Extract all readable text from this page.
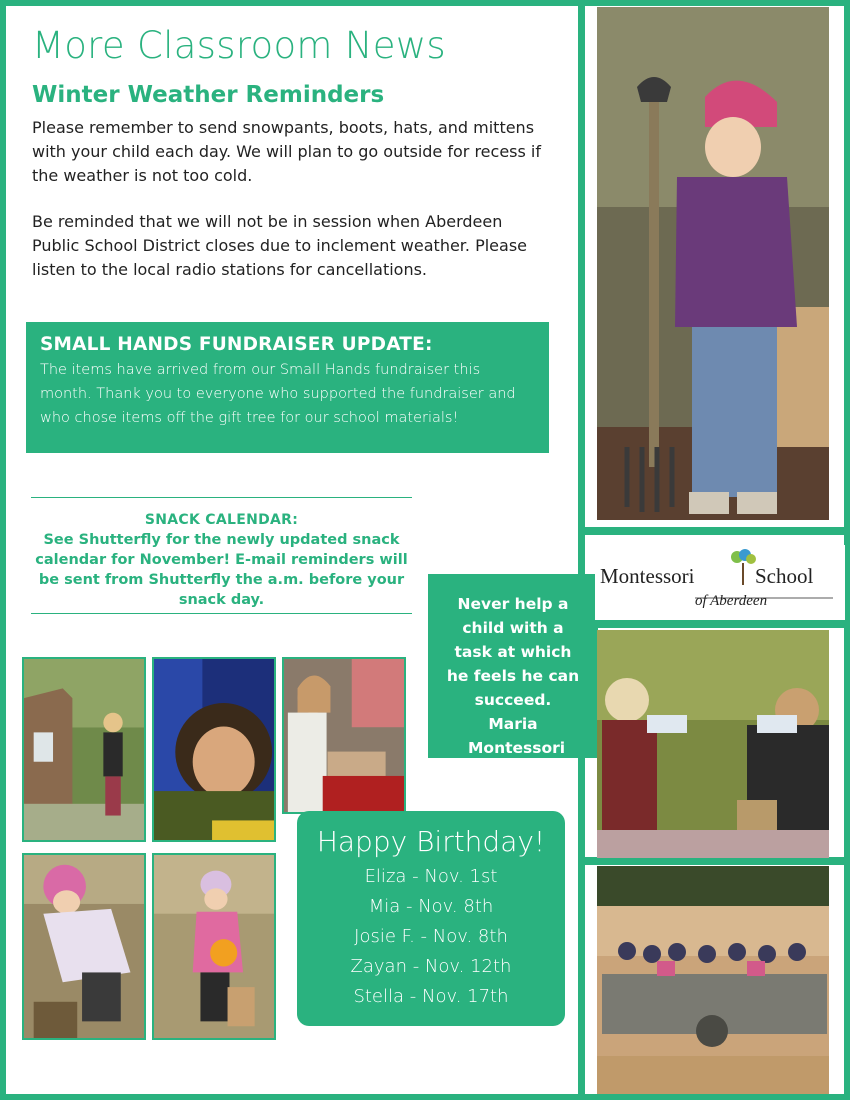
More Classroom News
Winter Weather Reminders

Please remember to send snowpants, boots, hats, and mittens with your child each day. We will plan to go outside for recess if the weather is not too cold.

Be reminded that we will not be in session when Aberdeen Public School District closes due to inclement weather. Please listen to the local radio stations for cancellations.

SMALL HANDS FUNDRAISER UPDATE:
The items have arrived from our Small Hands fundraiser this month. Thank you to everyone who supported the fundraiser and who chose items off the gift tree for our school materials!
SNACK CALENDAR:
See Shutterfly for the newly updated snack calendar for November! E-mail reminders will be sent from Shutterfly the a.m. before your snack day.	Never help a child with a task at which he feels he can succeed.
Maria Montessori
Happy Birthday!
Eliza - Nov. 1st
Mia - Nov. 8th
Josie F. - Nov. 8th
Zayan - Nov. 12th
Stella - Nov. 17th
Montessori	School
of Aberdeen
